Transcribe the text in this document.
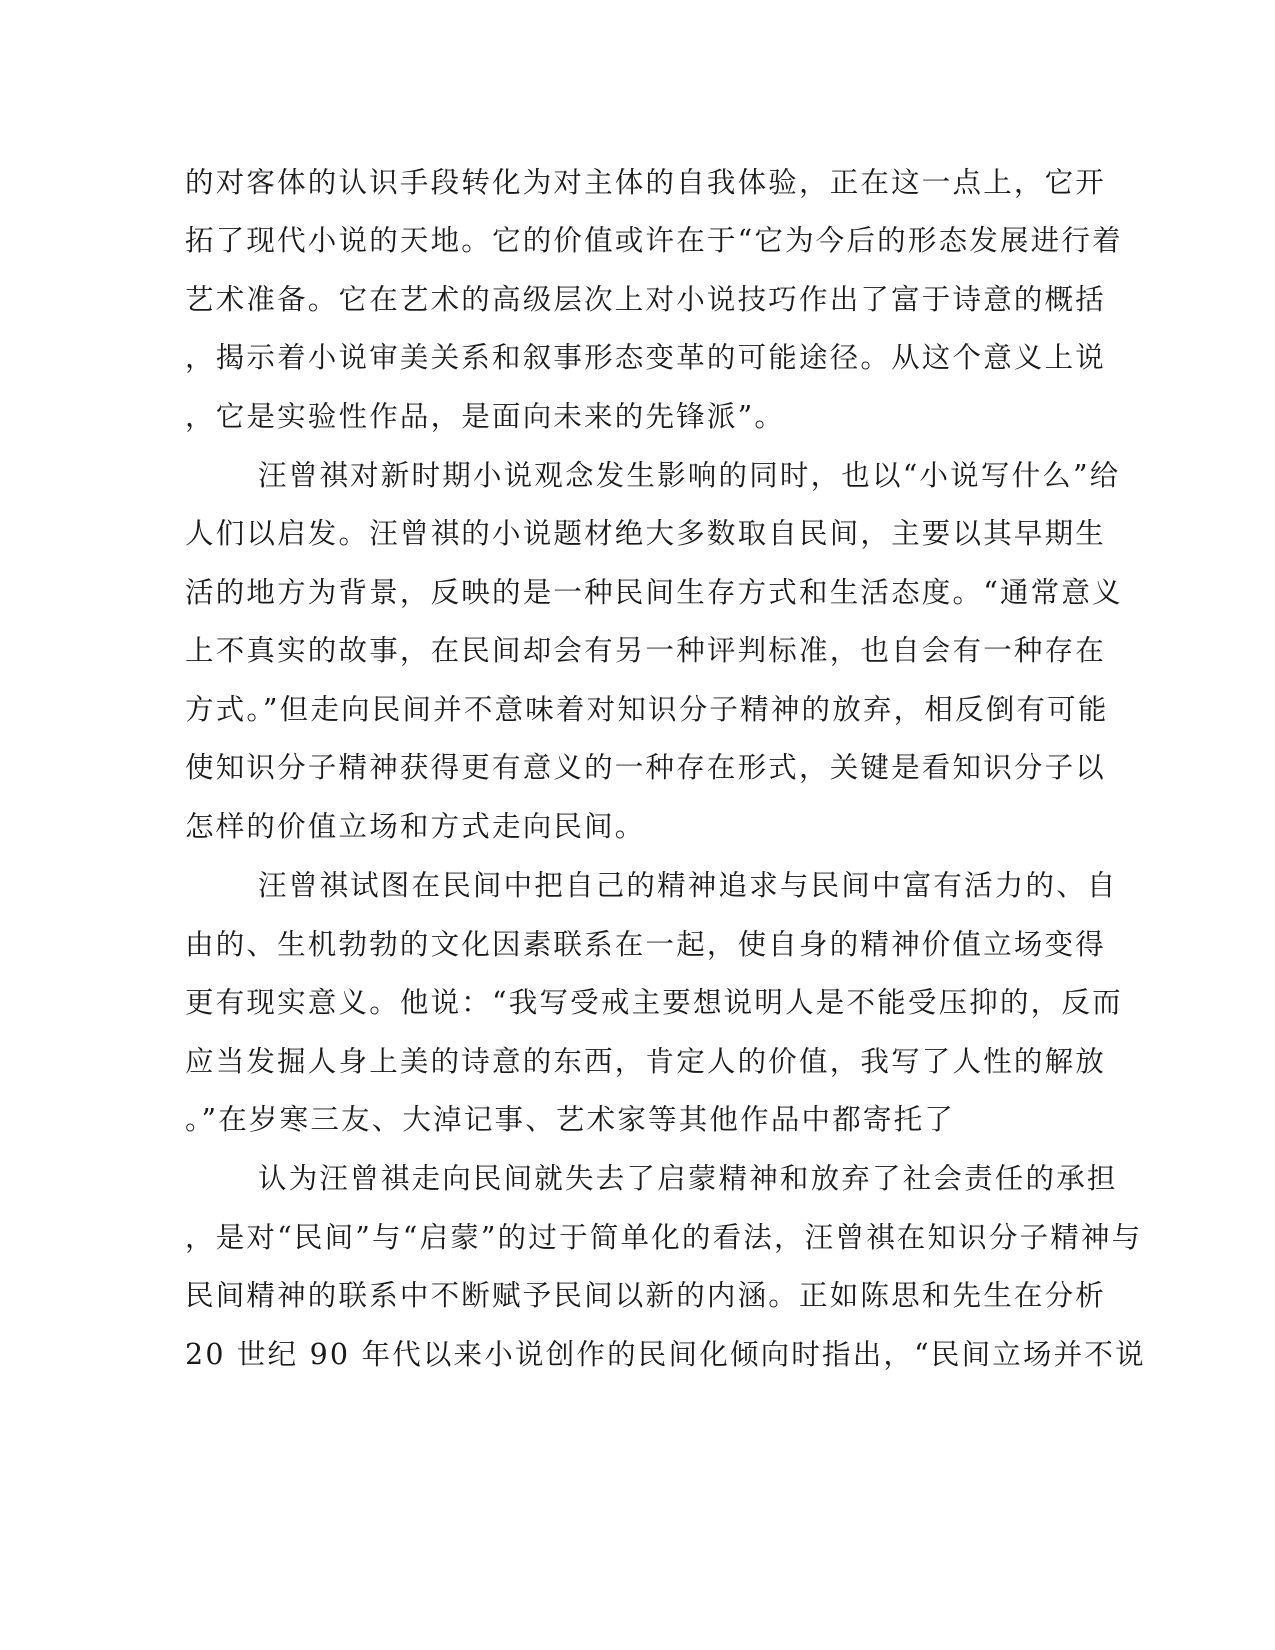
的对客体的认识手段转化为对主体的自我体验，正在这一点上，它开

拓了现代小说的天地。它的价值或许在于“它为今后的形态发展进行着

艺术准备。它在艺术的高级层次上对小说技巧作出了富于诗意的概括

，揭示着小说审美关系和叙事形态变革的可能途径。从这个意义上说

，它是实验性作品，是面向未来的先锋派”。

汪曾祺对新时期小说观念发生影响的同时，也以“小说写什么”给

人们以启发。汪曾祺的小说题材绝大多数取自民间，主要以其早期生

活的地方为背景，反映的是一种民间生存方式和生活态度。“通常意义

上不真实的故事，在民间却会有另一种评判标准，也自会有一种存在

方式。”但走向民间并不意味着对知识分子精神的放弃，相反倒有可能

使知识分子精神获得更有意义的一种存在形式，关键是看知识分子以

怎样的价值立场和方式走向民间。

汪曾祺试图在民间中把自己的精神追求与民间中富有活力的、自

由的、生机勃勃的文化因素联系在一起，使自身的精神价值立场变得

更有现实意义。他说：“我写受戒主要想说明人是不能受压抑的，反而

应当发掘人身上美的诗意的东西，肯定人的价值，我写了人性的解放

。”在岁寒三友、大淖记事、艺术家等其他作品中都寄托了

认为汪曾祺走向民间就失去了启蒙精神和放弃了社会责任的承担

，是对“民间”与“启蒙”的过于简单化的看法，汪曾祺在知识分子精神与

民间精神的联系中不断赋予民间以新的内涵。正如陈思和先生在分析

20 世纪 90 年代以来小说创作的民间化倾向时指出，“民间立场并不说
